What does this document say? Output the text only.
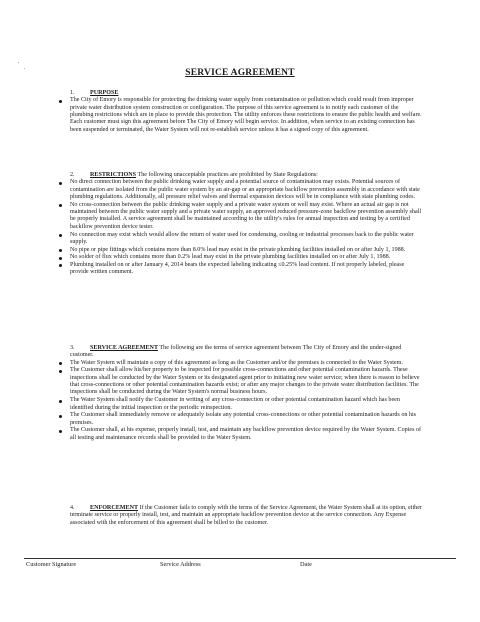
SERVICE AGREEMENT
1.	PURPOSE
The City of Emory is responsible for protecting the drinking water supply from contamination or pollution which could result from improper private water distribution system construction or configuration. The purpose of this service agreement is to notify each customer of the plumbing restrictions which are in place to provide this protection. The utility enforces these restrictions to ensure the public health and welfare. Each customer must sign this agreement before The City of Emory will begin service. In addition, when service to an existing connection has been suspended or terminated, the Water System will not re-establish service unless it has a signed copy of this agreement.
2.	RESTRICTIONS The following unacceptable practices are prohibited by State Regulations:
No direct connection between the public drinking water supply and a potential source of contamination may exists. Potential sources of contamination are isolated from the public water system by an air-gap or an appropriate backflow prevention assembly in accordance with state plumbing regulations. Additionally, all pressure relief valves and thermal expansion devices will be in compliance with state plumbing codes.
No cross-connection between the public drinking water supply and a private water system or well may exist. Where an actual air gap is not maintained between the public water supply and a private water supply, an approved reduced pressure-zone backflow prevention assembly shall be properly installed. A service agreement shall be maintained according to the utility's rules for annual inspection and testing by a certified backflow prevention device tester.
No connection may exist which would allow the return of water used for condensing, cooling or industrial processes back to the public water supply.
No pipe or pipe fittings which contains more than 8.0% lead may exist in the private plumbing facilities installed on or after July 1, 1988.
No solder of flux which contains more than 0.2% lead may exist in the private plumbing facilities installed on or after July 1, 1988.
Plumbing installed on or after January 4, 2014 bears the expected labeling indicating ≤0.25% lead content. If not properly labeled, please provide written comment.
3.	SERVICE AGREEMENT The following are the terms of service agreement between The City of Emory and the under-signed customer.
The Water System will maintain a copy of this agreement as long as the Customer and/or the premises is connected to the Water System.
The Customer shall allow his/her property to be inspected for possible cross-connections and other potential contamination hazards. These inspections shall be conducted by the Water System or its designated agent prior to initiating new water service; when there is reason to believe that cross-connections or other potential contamination hazards exist; or after any major changes to the private water distribution facilities. The inspections shall be conducted during the Water System's normal business hours.
The Water System shall notify the Customer in writing of any cross-connection or other potential contamination hazard which has been identified during the initial inspection or the periodic reinspection.
The Customer shall immediately remove or adequately isolate any potential cross-connections or other potential contamination hazards on his premises.
The Customer shall, at his expense, properly install, test, and maintain any backflow prevention device required by the Water System. Copies of all testing and maintenance records shall be provided to the Water System.
4.	ENFORCEMENT If the Customer fails to comply with the terms of the Service Agreement, the Water System shall at its option, either terminate service or properly install, test, and maintain an appropriate backflow prevention device at the service connection. Any Expense associated with the enforcement of this agreement shall be billed to the customer.
Customer Signature	Service Address	Date
